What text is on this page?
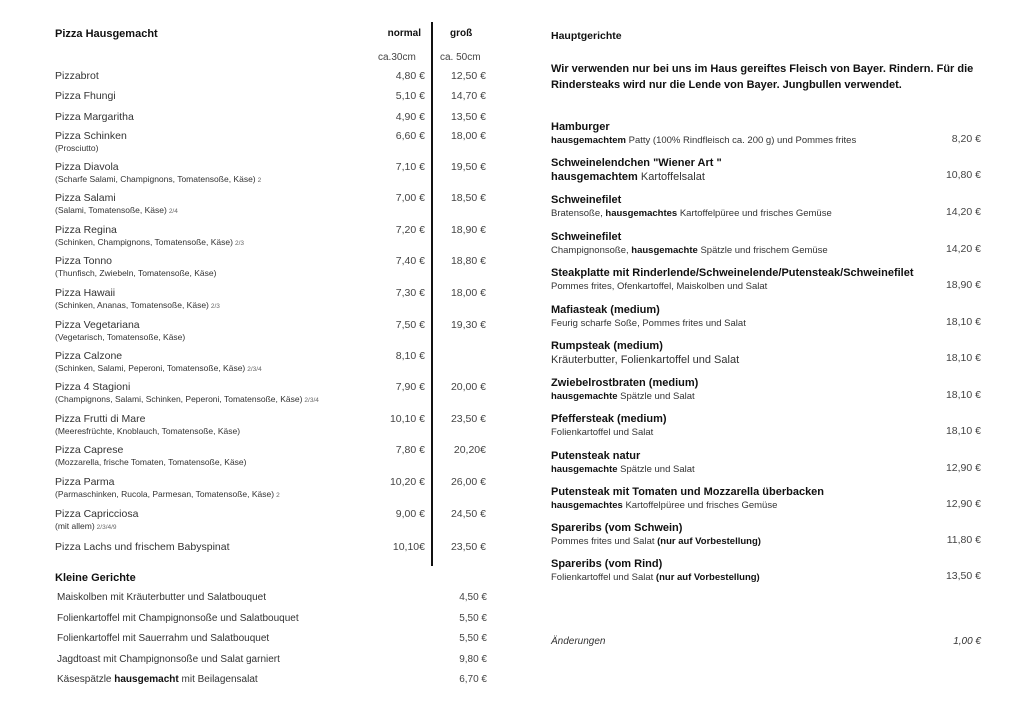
Pizza Hausgemacht	normal	groß
ca.30cm ca. 50cm
Pizzabrot	4,80 €	12,50 €
Pizza Fhungi	5,10 €	14,70 €
Pizza Margaritha	4,90 €	13,50 €
Pizza Schinken
(Prosciutto)
6,60 €	18,00 €
Pizza Diavola
(Scharfe Salami, Champignons, Tomatensoße, Käse) 2
7,10 €	19,50 €
Pizza Salami
(Salami, Tomatensoße, Käse) 2/4
7,00 €	18,50 €
Pizza Regina
(Schinken, Champignons, Tomatensoße, Käse) 2/3
7,20 €	18,90 €
Pizza Tonno
(Thunfisch, Zwiebeln, Tomatensoße, Käse)
7,40 €	18,80 €
Pizza Hawaii
(Schinken, Ananas, Tomatensoße, Käse) 2/3
7,30 €	18,00 €
Pizza Vegetariana
(Vegetarisch, Tomatensoße, Käse)
7,50 €	19,30 €
Pizza Calzone
(Schinken, Salami, Peperoni, Tomatensoße, Käse) 2/3/4
8,10 €
Pizza 4 Stagioni
(Champignons, Salami, Schinken, Peperoni, Tomatensoße, Käse) 2/3/4
7,90 €	20,00 €
Pizza Frutti di Mare
(Meeresfrüchte, Knoblauch, Tomatensoße, Käse)
10,10 €	23,50 €
Pizza Caprese
(Mozzarella, frische Tomaten, Tomatensoße, Käse)
7,80 €	20,20€
Pizza Parma
(Parmaschinken, Rucola, Parmesan, Tomatensoße, Käse) 2
10,20 €	26,00 €
Pizza Capricciosa
(mit allem) 2/3/4/9
9,00 €	24,50 €
Pizza Lachs und frischem Babyspinat	10,10€	23,50 €
Kleine Gerichte
Maiskolben mit Kräuterbutter und Salatbouquet	4,50 €
Folienkartoffel mit Champignonsoße und Salatbouquet	5,50 €
Folienkartoffel mit Sauerrahm und Salatbouquet	5,50 €
Jagdtoast mit Champignonsoße und Salat garniert	9,80 €
Käsespätzle hausgemacht mit Beilagensalat	6,70 €
Hauptgerichte
Wir verwenden nur bei uns im Haus gereiftes Fleisch von Bayer. Rindern. Für die Rindersteaks wird nur die Lende von Bayer. Jungbullen verwendet.
Hamburger
hausgemachtem Patty (100% Rindfleisch ca. 200 g) und Pommes frites	8,20 €
Schweinelendchen "Wiener Art "
hausgemachtem Kartoffelsalat	10,80 €
Schweinefilet
Bratensoße, hausgemachtes Kartoffelpüree und frisches Gemüse	14,20 €
Schweinefilet
Champignonsoße, hausgemachte Spätzle und frischem Gemüse	14,20 €
Steakplatte mit Rinderlende/Schweinelende/Putensteak/Schweinefilet
Pommes frites, Ofenkartoffel, Maiskolben und Salat	18,90 €
Mafiasteak (medium)
Feurig scharfe Soße, Pommes frites und Salat	18,10 €
Rumpsteak (medium)
Kräuterbutter, Folienkartoffel und Salat	18,10 €
Zwiebelrostbraten (medium)
hausgemachte Spätzle und Salat	18,10 €
Pfeffersteak (medium)
Folienkartoffel und Salat	18,10 €
Putensteak natur
hausgemachte Spätzle und Salat	12,90 €
Putensteak mit Tomaten und Mozzarella überbacken
hausgemachtes Kartoffelpüree und frisches Gemüse	12,90 €
Spareribs (vom Schwein)
Pommes frites und Salat (nur auf Vorbestellung)	11,80 €
Spareribs (vom Rind)
Folienkartoffel und Salat (nur auf Vorbestellung)	13,50 €
Änderungen	1,00 €
